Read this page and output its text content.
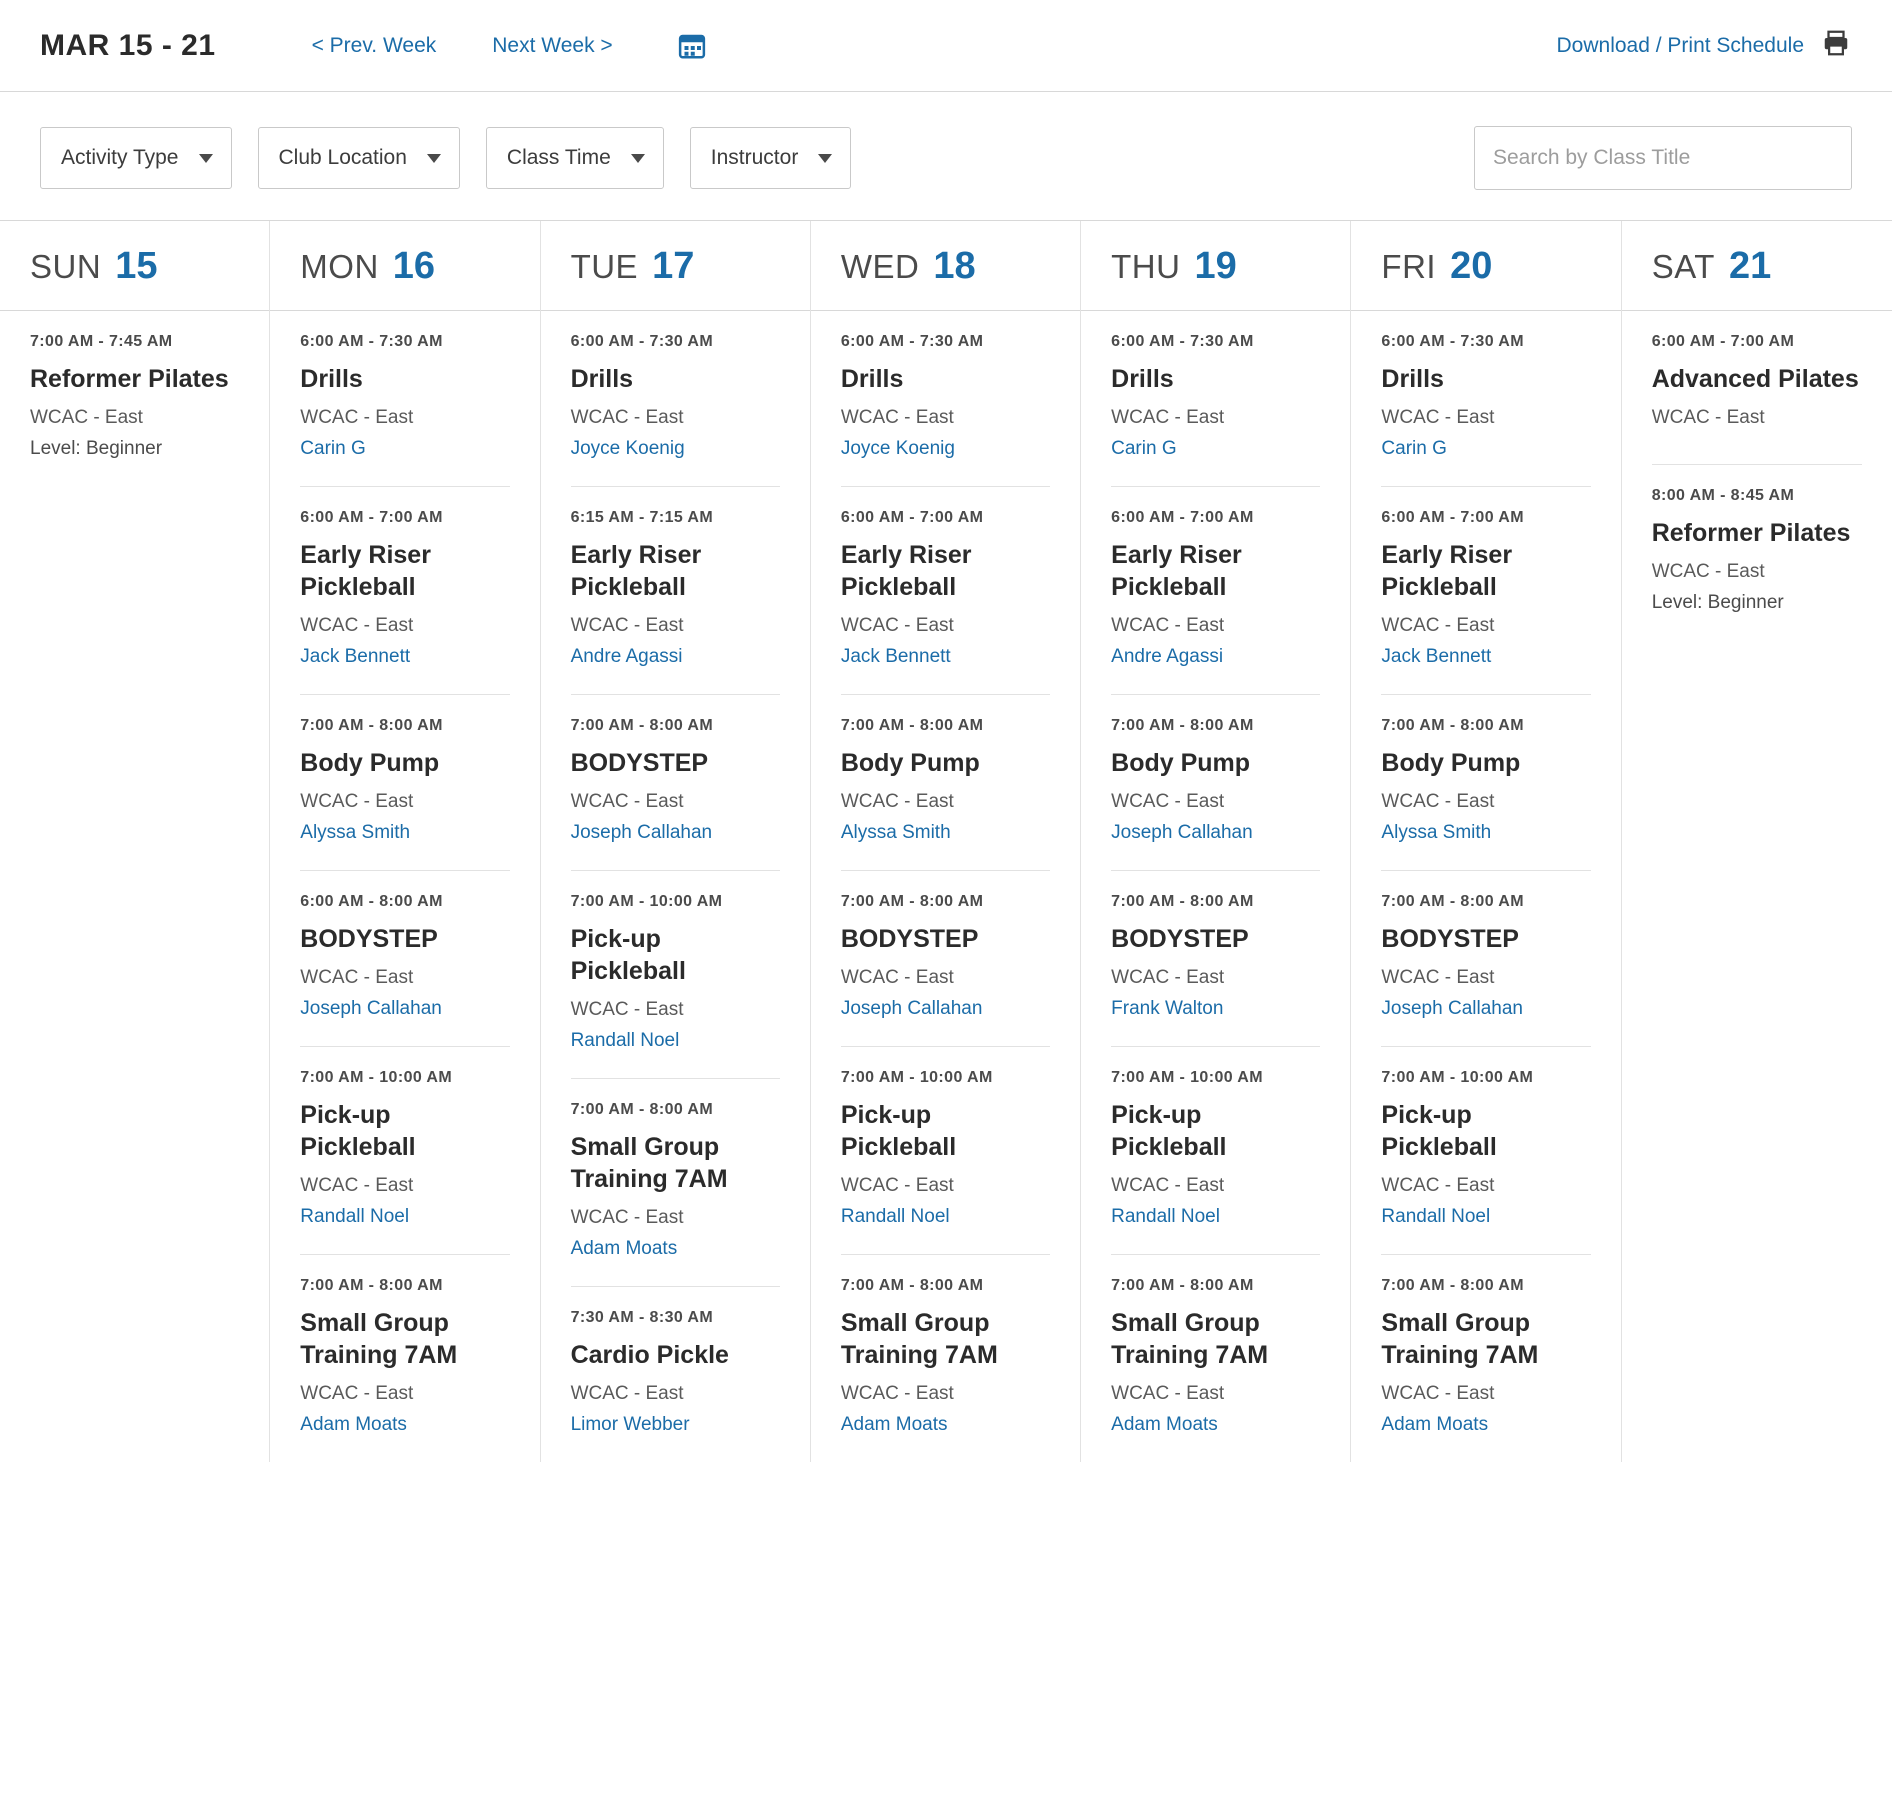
MAR 15 - 21	< Prev. Week	Next Week >	Download / Print Schedule
Activity Type	Club Location	Class Time	Instructor
Search by Class Title
SUN 15
7:00 AM - 7:45 AM
Reformer Pilates
WCAC - East
Level: Beginner
MON 16
6:00 AM - 7:30 AM
Drills
WCAC - East
Carin G
6:00 AM - 7:00 AM
Early Riser Pickleball
WCAC - East
Jack Bennett
7:00 AM - 8:00 AM
Body Pump
WCAC - East
Alyssa Smith
6:00 AM - 8:00 AM
BODYSTEP
WCAC - East
Joseph Callahan
7:00 AM - 10:00 AM
Pick-up Pickleball
WCAC - East
Randall Noel
7:00 AM - 8:00 AM
Small Group Training 7AM
WCAC - East
Adam Moats
TUE 17
6:00 AM - 7:30 AM
Drills
WCAC - East
Joyce Koenig
6:15 AM - 7:15 AM
Early Riser Pickleball
WCAC - East
Andre Agassi
7:00 AM - 8:00 AM
BODYSTEP
WCAC - East
Joseph Callahan
7:00 AM - 10:00 AM
Pick-up Pickleball
WCAC - East
Randall Noel
7:00 AM - 8:00 AM
Small Group Training 7AM
WCAC - East
Adam Moats
7:30 AM - 8:30 AM
Cardio Pickle
WCAC - East
Limor Webber
WED 18
6:00 AM - 7:30 AM
Drills
WCAC - East
Joyce Koenig
6:00 AM - 7:00 AM
Early Riser Pickleball
WCAC - East
Jack Bennett
7:00 AM - 8:00 AM
Body Pump
WCAC - East
Alyssa Smith
7:00 AM - 8:00 AM
BODYSTEP
WCAC - East
Joseph Callahan
7:00 AM - 10:00 AM
Pick-up Pickleball
WCAC - East
Randall Noel
7:00 AM - 8:00 AM
Small Group Training 7AM
WCAC - East
Adam Moats
THU 19
6:00 AM - 7:30 AM
Drills
WCAC - East
Carin G
6:00 AM - 7:00 AM
Early Riser Pickleball
WCAC - East
Andre Agassi
7:00 AM - 8:00 AM
Body Pump
WCAC - East
Joseph Callahan
7:00 AM - 8:00 AM
BODYSTEP
WCAC - East
Frank Walton
7:00 AM - 10:00 AM
Pick-up Pickleball
WCAC - East
Randall Noel
7:00 AM - 8:00 AM
Small Group Training 7AM
WCAC - East
Adam Moats
FRI 20
6:00 AM - 7:30 AM
Drills
WCAC - East
Carin G
6:00 AM - 7:00 AM
Early Riser Pickleball
WCAC - East
Jack Bennett
7:00 AM - 8:00 AM
Body Pump
WCAC - East
Alyssa Smith
7:00 AM - 8:00 AM
BODYSTEP
WCAC - East
Joseph Callahan
7:00 AM - 10:00 AM
Pick-up Pickleball
WCAC - East
Randall Noel
7:00 AM - 8:00 AM
Small Group Training 7AM
WCAC - East
Adam Moats
SAT 21
6:00 AM - 7:00 AM
Advanced Pilates
WCAC - East
8:00 AM - 8:45 AM
Reformer Pilates
WCAC - East
Level: Beginner
